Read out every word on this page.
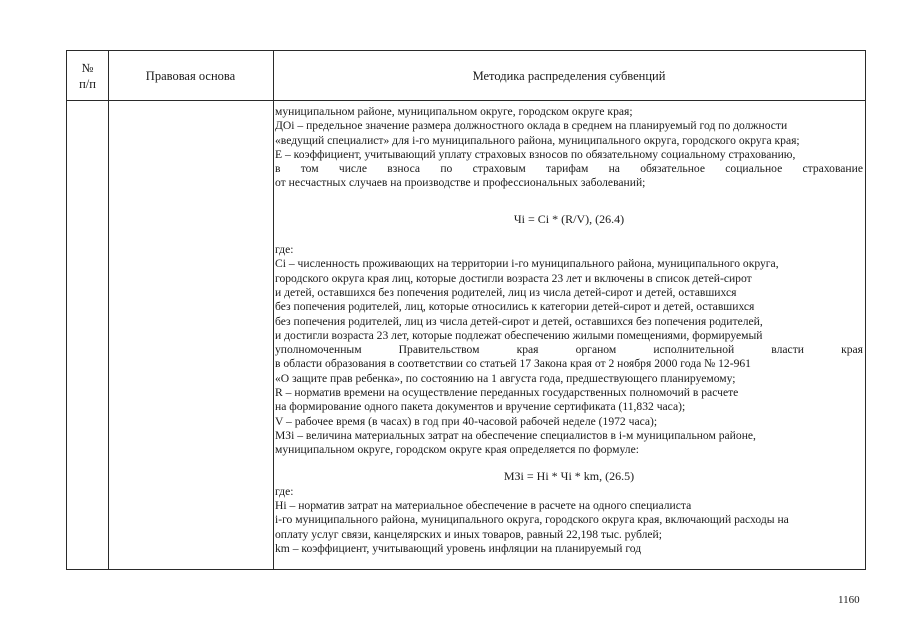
№
п/п
Правовая основа	Методика распределения субвенций
муниципальном районе, муниципальном округе, городском округе края;
ДОi – предельное значение размера должностного оклада в среднем на планируемый год по должности
«ведущий специалист» для i-го муниципального района, муниципального округа, городского округа края;
Е – коэффициент, учитывающий уплату страховых взносов по обязательному социальному страхованию,
в том числе взноса по страховым тарифам на обязательное социальное страхование
от несчастных случаев на производстве и профессиональных заболеваний;
Чi = Ci * (R/V), (26.4)
где:
Ci – численность проживающих на территории i-го муниципального района, муниципального округа,
городского округа края лиц, которые достигли возраста 23 лет и включены в список детей-сирот
и детей, оставшихся без попечения родителей, лиц из числа детей-сирот и детей, оставшихся
без попечения родителей, лиц, которые относились к категории детей-сирот и детей, оставшихся
без попечения родителей, лиц из числа детей-сирот и детей, оставшихся без попечения родителей,
и достигли возраста 23 лет, которые подлежат обеспечению жилыми помещениями, формируемый
уполномоченным Правительством края органом исполнительной власти края
в области образования в соответствии со статьей 17 Закона края от 2 ноября 2000 года № 12-961
«О защите прав ребенка», по состоянию на 1 августа года, предшествующего планируемому;
R – норматив времени на осуществление переданных государственных полномочий в расчете
на формирование одного пакета документов и вручение сертификата (11,832 часа);
V – рабочее время (в часах) в год при 40-часовой рабочей неделе (1972 часа);
МЗi – величина материальных затрат на обеспечение специалистов в i-м муниципальном районе,
муниципальном округе, городском округе края определяется по формуле:
МЗi = Hi * Чi * km, (26.5)
где:
Hi – норматив затрат на материальное обеспечение в расчете на одного специалиста
i-го муниципального района, муниципального округа, городского округа края, включающий расходы на
оплату услуг связи, канцелярских и иных товаров, равный 22,198 тыс. рублей;
km – коэффициент, учитывающий уровень инфляции на планируемый год
1160
